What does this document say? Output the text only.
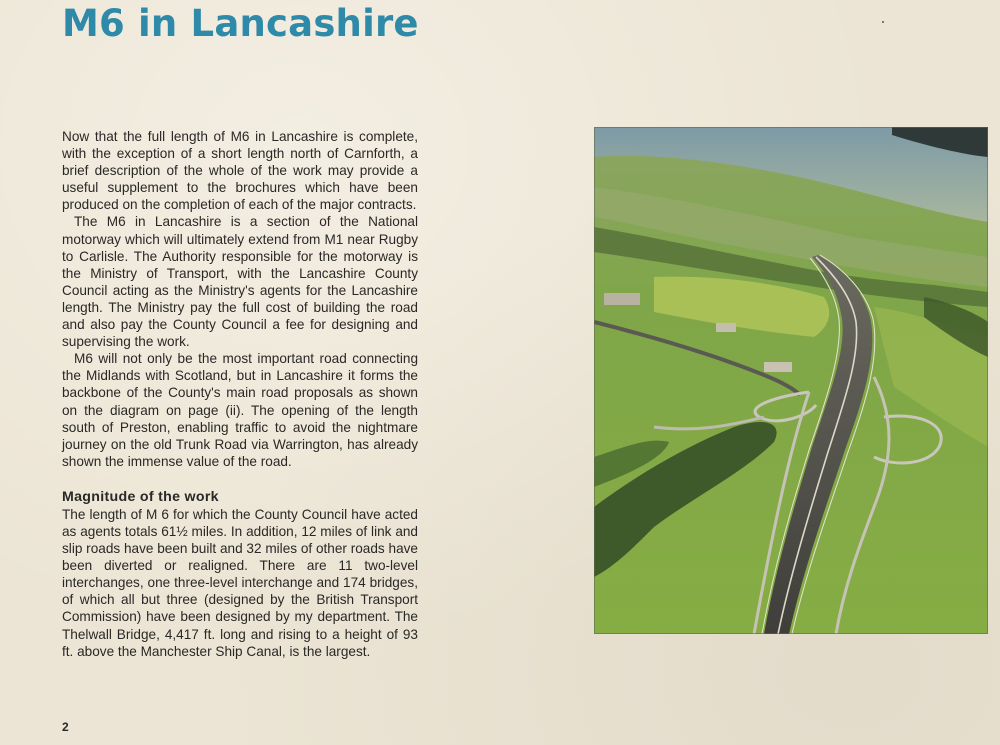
M6 in Lancashire

Now that the full length of M6 in Lancashire is complete, with the exception of a short length north of Carnforth, a brief description of the whole of the work may provide a useful supplement to the brochures which have been produced on the completion of each of the major contracts.

The M6 in Lancashire is a section of the National motorway which will ultimately extend from M1 near Rugby to Carlisle. The Authority responsible for the motorway is the Ministry of Transport, with the Lancashire County Council acting as the Ministry's agents for the Lancashire length. The Ministry pay the full cost of building the road and also pay the County Council a fee for designing and supervising the work.

M6 will not only be the most important road connecting the Midlands with Scotland, but in Lancashire it forms the backbone of the County's main road proposals as shown on the diagram on page (ii). The opening of the length south of Preston, enabling traffic to avoid the nightmare journey on the old Trunk Road via Warrington, has already shown the immense value of the road.

Magnitude of the work

The length of M 6 for which the County Council have acted as agents totals 61½ miles. In addition, 12 miles of link and slip roads have been built and 32 miles of other roads have been diverted or realigned. There are 11 two-level interchanges, one three-level interchange and 174 bridges, of which all but three (designed by the British Transport Commission) have been designed by my department. The Thelwall Bridge, 4,417 ft. long and rising to a height of 93 ft. above the Manchester Ship Canal, is the largest.

2
